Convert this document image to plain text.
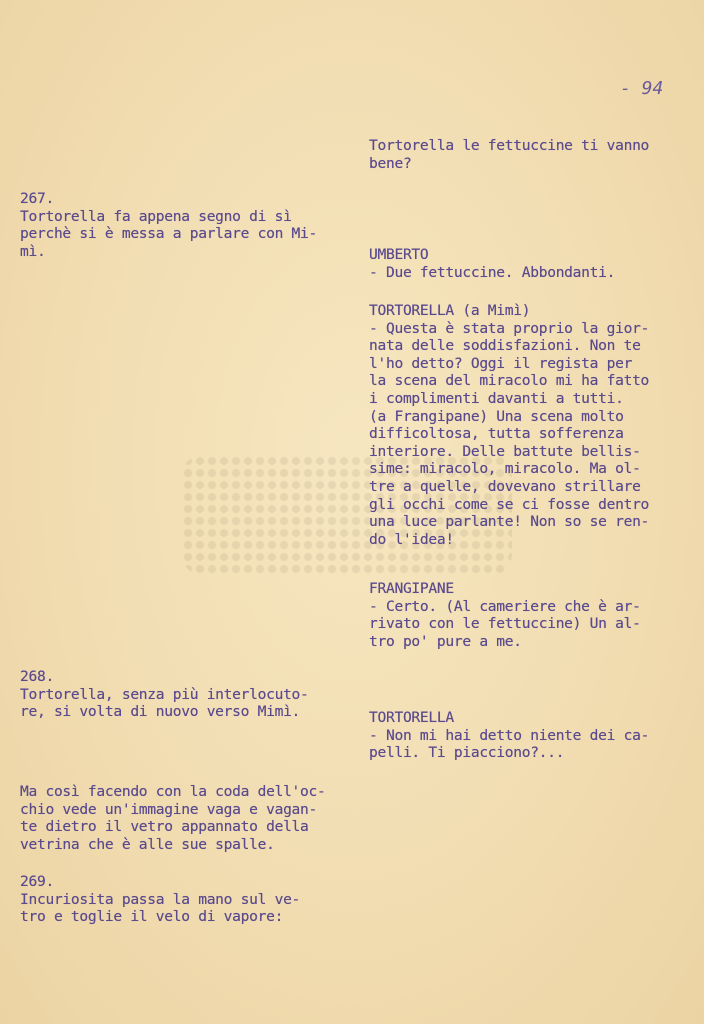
- 94
267.
Tortorella fa appena segno di sì
perchè si è messa a parlare con Mi-
mì.
268.
Tortorella, senza più interlocuto-
re, si volta di nuovo verso Mimì.
Ma così facendo con la coda dell'oc-
chio vede un'immagine vaga e vagan-
te dietro il vetro appannato della
vetrina che è alle sue spalle.
269.
Incuriosita passa la mano sul ve-
tro e toglie il velo di vapore:
Tortorella le fettuccine ti vanno
bene?
UMBERTO
- Due fettuccine. Abbondanti.
TORTORELLA (a Mimì)
- Questa è stata proprio la gior-
nata delle soddisfazioni. Non te
l'ho detto? Oggi il regista per
la scena del miracolo mi ha fatto
i complimenti davanti a tutti.
(a Frangipane) Una scena molto
difficoltosa, tutta sofferenza
interiore. Delle battute bellis-
sime: miracolo, miracolo. Ma ol-
tre a quelle, dovevano strillare
gli occhi come se ci fosse dentro
una luce parlante! Non so se ren-
do l'idea!
FRANGIPANE
- Certo. (Al cameriere che è ar-
rivato con le fettuccine) Un al-
tro po' pure a me.
TORTORELLA
- Non mi hai detto niente dei ca-
pelli. Ti piacciono?...
